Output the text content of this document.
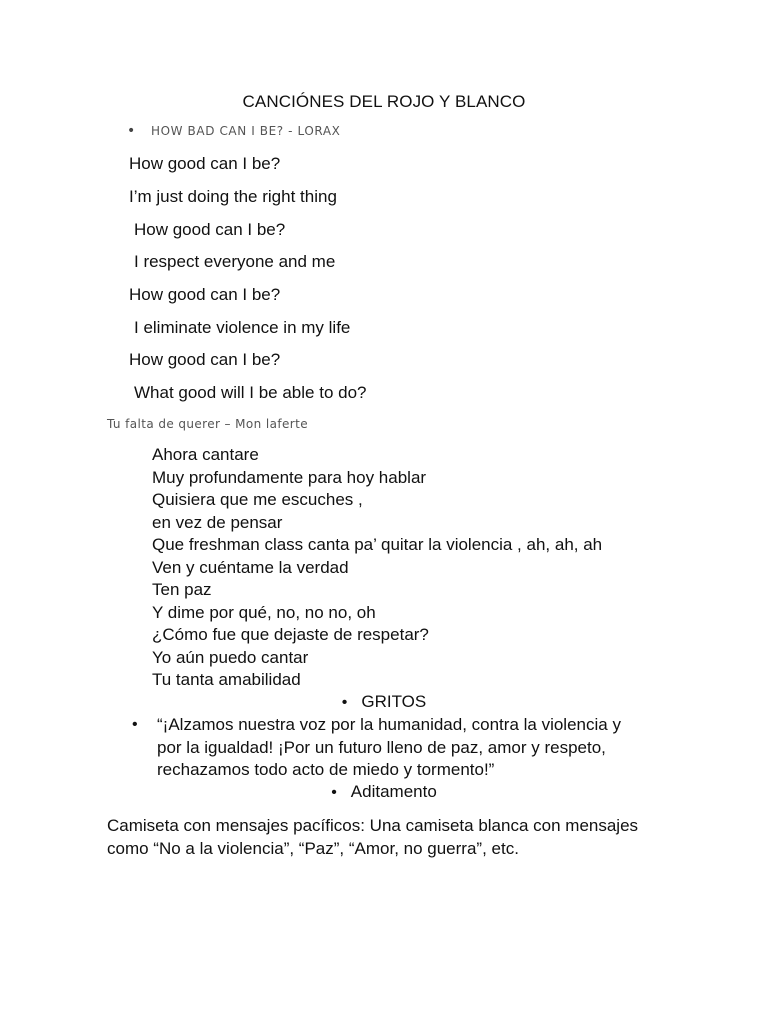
CANCIÓNES DEL ROJO Y BLANCO
• HOW BAD CAN I BE? - LORAX
How good can I be?
I’m just doing the right thing
How good can I be?
I respect everyone and me
How good can I be?
I eliminate violence in my life
How good can I be?
What good will I be able to do?
Tu falta de querer – Mon laferte
Ahora cantare
Muy profundamente para hoy hablar
Quisiera que me escuches ,
en vez de pensar
Que freshman class canta pa’ quitar la violencia , ah, ah, ah
Ven y cuéntame la verdad
Ten paz
Y dime por qué, no, no no, oh
¿Cómo fue que dejaste de respetar?
Yo aún puedo cantar
Tu tanta amabilidad
• GRITOS
• “¡Alzamos nuestra voz por la humanidad, contra la violencia y por la igualdad! ¡Por un futuro lleno de paz, amor y respeto, rechazamos todo acto de miedo y tormento!”
• Aditamento
Camiseta con mensajes pacíficos: Una camiseta blanca con mensajes como “No a la violencia”, “Paz”, “Amor, no guerra”, etc.
